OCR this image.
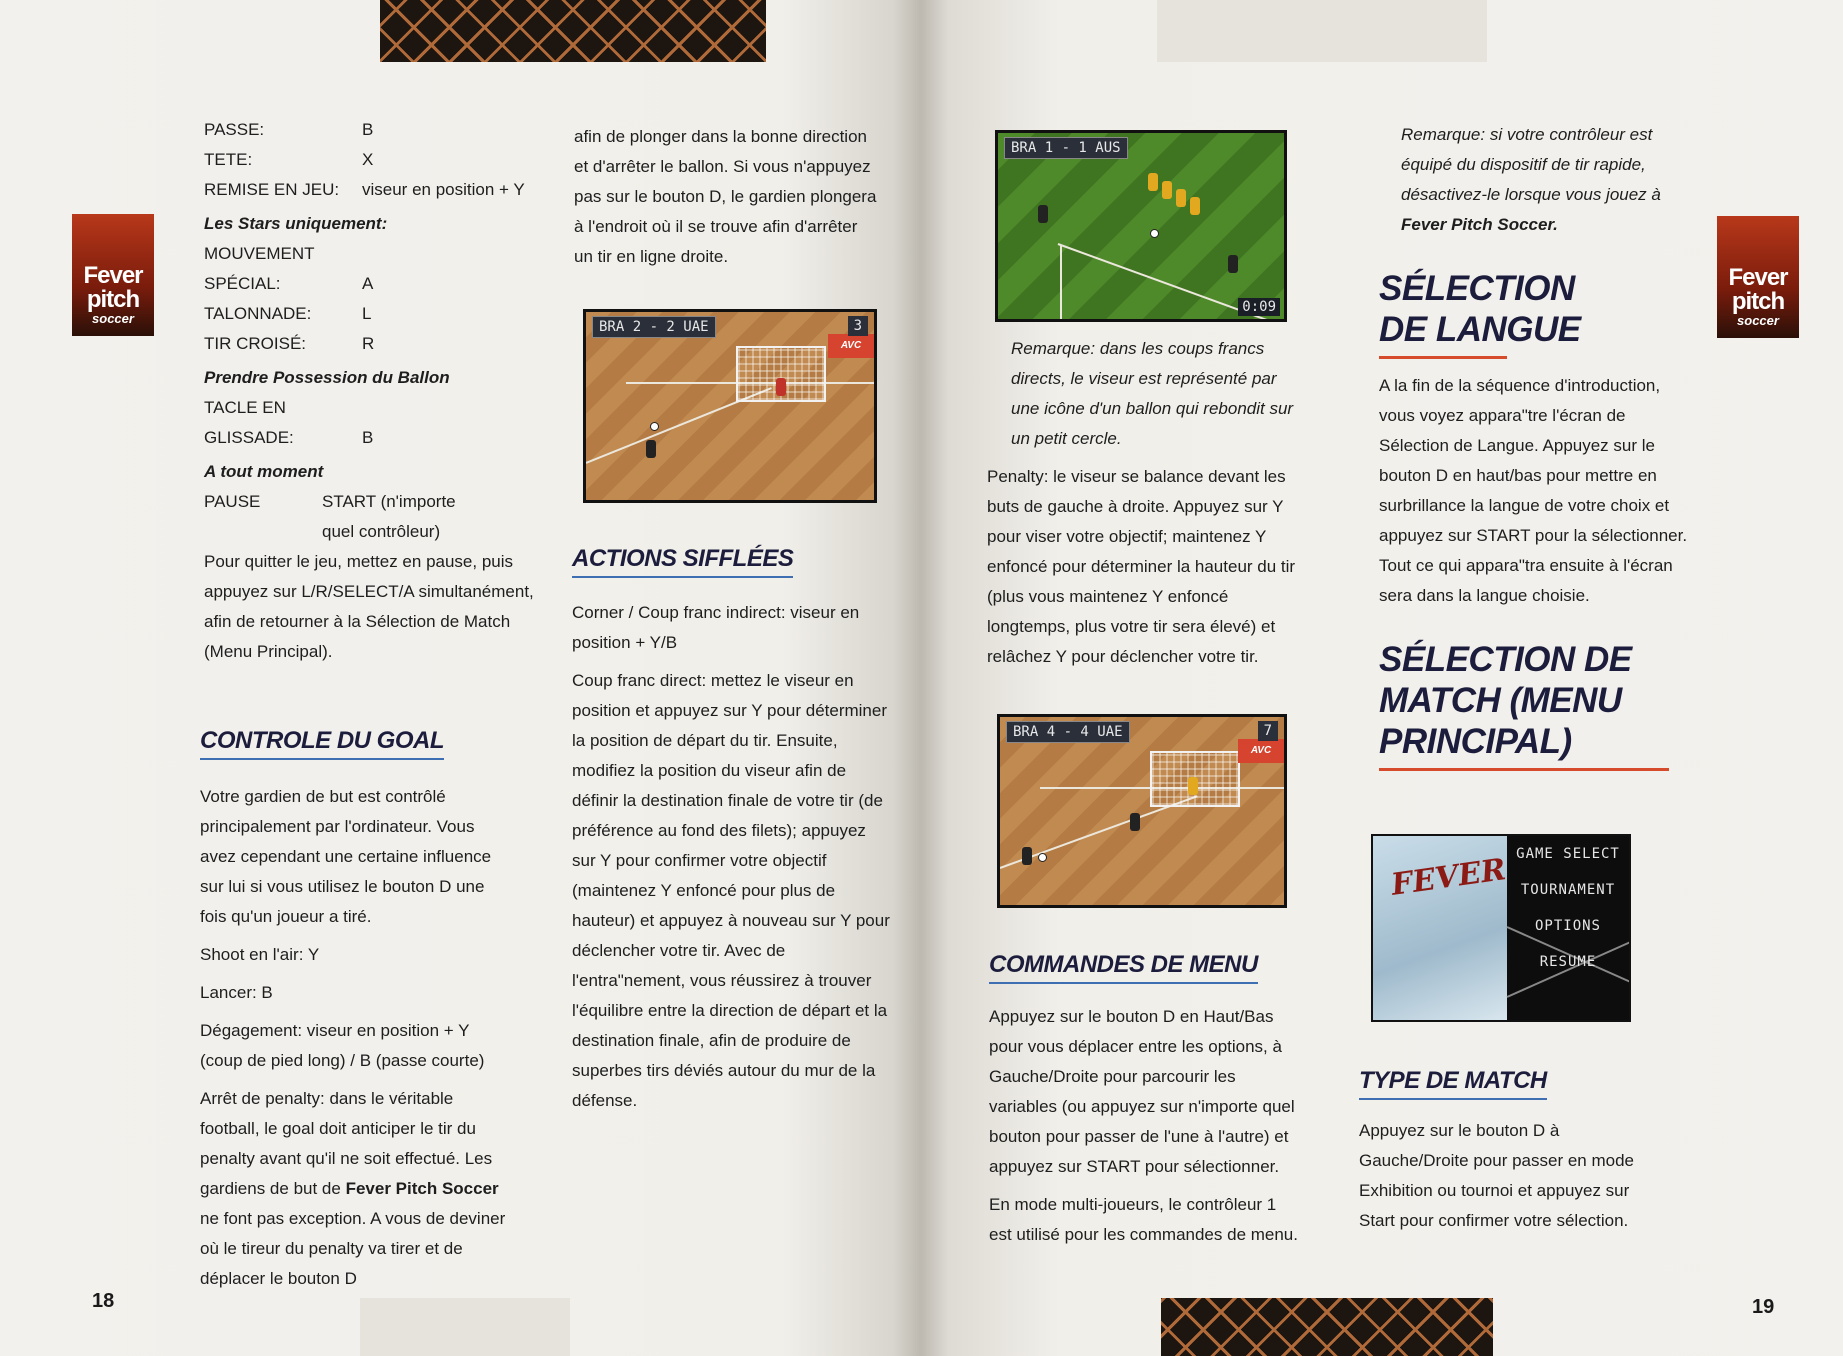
Fever
pitch
soccer
PASSE:	B
TETE:	X
REMISE EN JEU:	viseur en position + Y
Les Stars uniquement:
MOUVEMENT
SPÉCIAL:	A
TALONNADE:	L
TIR CROISÉ:	R
Prendre Possession du Ballon
TACLE EN
GLISSADE:	B
A tout moment
PAUSE	START (n'importe quel contrôleur)

Pour quitter le jeu, mettez en pause, puis appuyez sur L/R/SELECT/A simultanément, afin de retourner à la Sélection de Match (Menu Principal).

CONTROLE DU GOAL

Votre gardien de but est contrôlé principalement par l'ordinateur. Vous avez cependant une certaine influence sur lui si vous utilisez le bouton D une fois qu'un joueur a tiré.

Shoot en l'air: Y

Lancer: B

Dégagement: viseur en position + Y (coup de pied long) / B (passe courte)

Arrêt de penalty: dans le véritable football, le goal doit anticiper le tir du penalty avant qu'il ne soit effectué. Les gardiens de but de Fever Pitch Soccer ne font pas exception. A vous de deviner où le tireur du penalty va tirer et de déplacer le bouton D

afin de plonger dans la bonne direction et d'arrêter le ballon. Si vous n'appuyez pas sur le bouton D, le gardien plongera à l'endroit où il se trouve afin d'arrêter un tir en ligne droite.

AVC
BRA 2 - 2 UAE	3
ACTIONS SIFFLÉES

Corner / Coup franc indirect: viseur en position + Y/B

Coup franc direct: mettez le viseur en position et appuyez sur Y pour déterminer la position de départ du tir. Ensuite, modifiez la position du viseur afin de définir la destination finale de votre tir (de préférence au fond des filets); appuyez sur Y pour confirmer votre objectif (maintenez Y enfoncé pour plus de hauteur) et appuyez à nouveau sur Y pour déclencher votre tir. Avec de l'entra"nement, vous réussirez à trouver l'équilibre entre la direction de départ et la destination finale, afin de produire de superbes tirs déviés autour du mur de la défense.

18
Fever
pitch
soccer
BRA 1 - 1 AUS
0:09

Remarque: dans les coups francs directs, le viseur est représenté par une icône d'un ballon qui rebondit sur un petit cercle.

Penalty: le viseur se balance devant les buts de gauche à droite. Appuyez sur Y pour viser votre objectif; maintenez Y enfoncé pour déterminer la hauteur du tir (plus vous maintenez Y enfoncé longtemps, plus votre tir sera élevé) et relâchez Y pour déclencher votre tir.

AVC
BRA 4 - 4 UAE	7
COMMANDES DE MENU

Appuyez sur le bouton D en Haut/Bas pour vous déplacer entre les options, à Gauche/Droite pour parcourir les variables (ou appuyez sur n'importe quel bouton pour passer de l'une à l'autre) et appuyez sur START pour sélectionner.

En mode multi-joueurs, le contrôleur 1 est utilisé pour les commandes de menu.

Remarque: si votre contrôleur est équipé du dispositif de tir rapide, désactivez-le lorsque vous jouez à Fever Pitch Soccer.

SÉLECTION DE LANGUE

A la fin de la séquence d'introduction, vous voyez appara"tre l'écran de Sélection de Langue. Appuyez sur le bouton D en haut/bas pour mettre en surbrillance la langue de votre choix et appuyez sur START pour la sélectionner. Tout ce qui appara"tra ensuite à l'écran sera dans la langue choisie.

SÉLECTION DE MATCH (MENU PRINCIPAL)
TYPE DE MATCH

Appuyez sur le bouton D à Gauche/Droite pour passer en mode Exhibition ou tournoi et appuyez sur Start pour confirmer votre sélection.

19
FEVER GAME SELECT
TOURNAMENT
OPTIONS
RESUME
